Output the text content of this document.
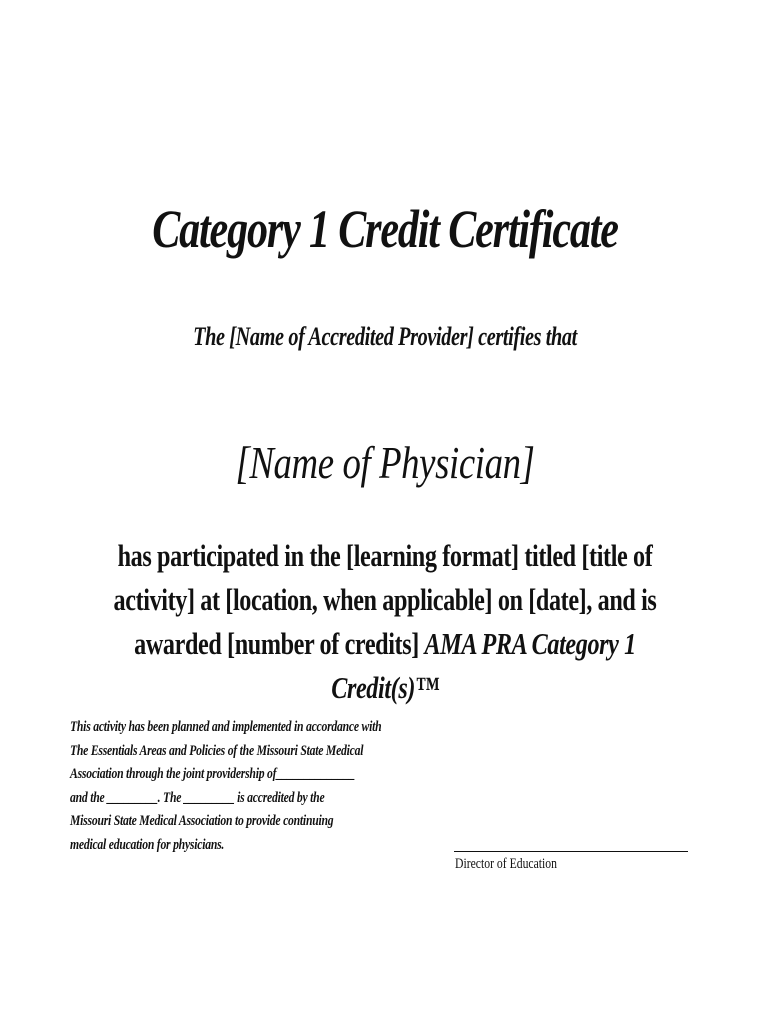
Category 1 Credit Certificate

The [Name of Accredited Provider] certifies that

[Name of Physician]

has participated in the [learning format] titled [title of activity] at [location, when applicable] on [date], and is awarded [number of credits] AMA PRA Category 1 Credit(s)™

This activity has been planned and implemented in accordance with
The Essentials Areas and Policies of the Missouri State Medical
Association through the joint providership of______________
and the _________. The _________ is accredited by the
Missouri State Medical Association to provide continuing
medical education for physicians.

Director of Education
